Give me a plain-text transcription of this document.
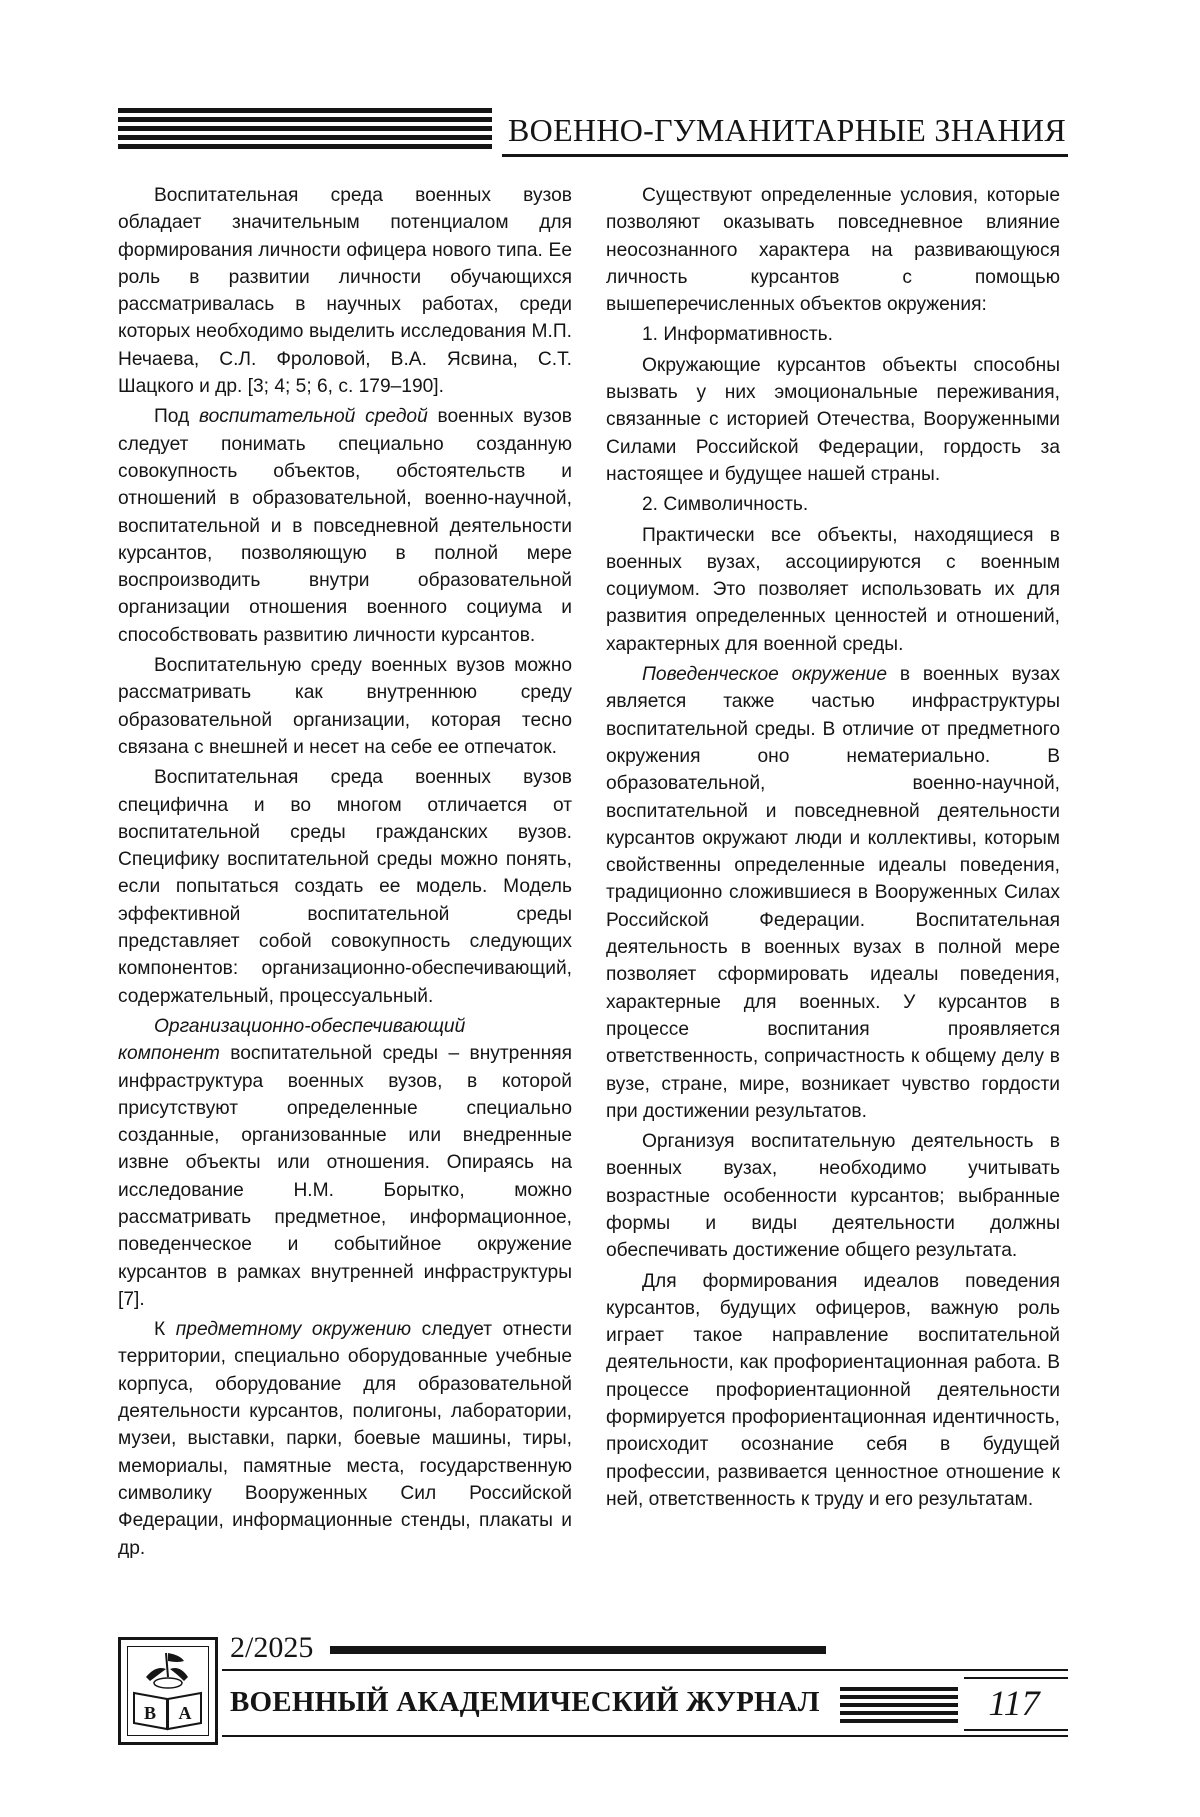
ВОЕННО-ГУМАНИТАРНЫЕ ЗНАНИЯ

Воспитательная среда военных вузов обладает значительным потенциалом для формирования личности офицера нового типа. Ее роль в развитии личности обучающихся рассматривалась в научных работах, среди которых необходимо выделить исследования М.П. Нечаева, С.Л. Фроловой, В.А. Ясвина, С.Т. Шацкого и др. [3; 4; 5; 6, с. 179–190].

Под воспитательной средой военных вузов следует понимать специально созданную совокупность объектов, обстоятельств и отношений в образовательной, военно-научной, воспитательной и в повседневной деятельности курсантов, позволяющую в полной мере воспроизводить внутри образовательной организации отношения военного социума и способствовать развитию личности курсантов.

Воспитательную среду военных вузов можно рассматривать как внутреннюю среду образовательной организации, которая тесно связана с внешней и несет на себе ее отпечаток.

Воспитательная среда военных вузов специфична и во многом отличается от воспитательной среды гражданских вузов. Специфику воспитательной среды можно понять, если попытаться создать ее модель. Модель эффективной воспитательной среды представляет собой совокупность следующих компонентов: организационно-обеспечивающий, содержательный, процессуальный.

Организационно-обеспечивающий компонент воспитательной среды – внутренняя инфраструктура военных вузов, в которой присутствуют определенные специально созданные, организованные или внедренные извне объекты или отношения. Опираясь на исследование Н.М. Борытко, можно рассматривать предметное, информационное, поведенческое и событийное окружение курсантов в рамках внутренней инфраструктуры [7].

К предметному окружению следует отнести территории, специально оборудованные учебные корпуса, оборудование для образовательной деятельности курсантов, полигоны, лаборатории, музеи, выставки, парки, боевые машины, тиры, мемориалы, памятные места, государственную символику Вооруженных Сил Российской Федерации, информационные стенды, плакаты и др.

Существуют определенные условия, которые позволяют оказывать повседневное влияние неосознанного характера на развивающуюся личность курсантов с помощью вышеперечисленных объектов окружения:

1. Информативность.

Окружающие курсантов объекты способны вызвать у них эмоциональные переживания, связанные с историей Отечества, Вооруженными Силами Российской Федерации, гордость за настоящее и будущее нашей страны.

2. Символичность.

Практически все объекты, находящиеся в военных вузах, ассоциируются с военным социумом. Это позволяет использовать их для развития определенных ценностей и отношений, характерных для военной среды.

Поведенческое окружение в военных вузах является также частью инфраструктуры воспитательной среды. В отличие от предметного окружения оно нематериально. В образовательной, военно-научной, воспитательной и повседневной деятельности курсантов окружают люди и коллективы, которым свойственны определенные идеалы поведения, традиционно сложившиеся в Вооруженных Силах Российской Федерации. Воспитательная деятельность в военных вузах в полной мере позволяет сформировать идеалы поведения, характерные для военных. У курсантов в процессе воспитания проявляется ответственность, сопричастность к общему делу в вузе, стране, мире, возникает чувство гордости при достижении результатов.

Организуя воспитательную деятельность в военных вузах, необходимо учитывать возрастные особенности курсантов; выбранные формы и виды деятельности должны обеспечивать достижение общего результата.

Для формирования идеалов поведения курсантов, будущих офицеров, важную роль играет такое направление воспитательной деятельности, как профориентационная работа. В процессе профориентационной деятельности формируется профориентационная идентичность, происходит осознание себя в будущей профессии, развивается ценностное отношение к ней, ответственность к труду и его результатам.

В А
2/2025
ВОЕННЫЙ АКАДЕМИЧЕСКИЙ ЖУРНАЛ	117
